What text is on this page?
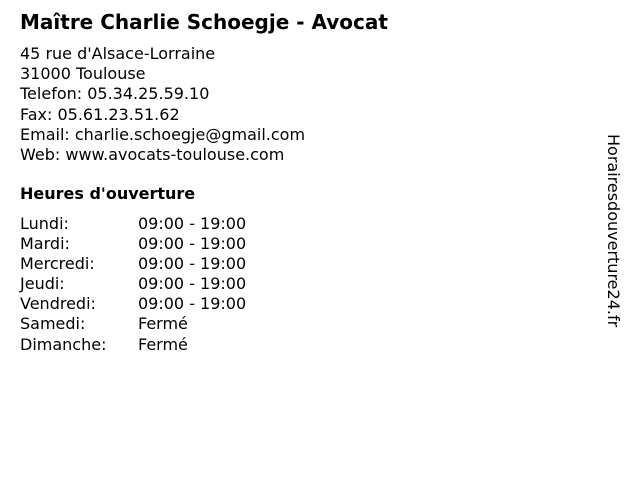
Maître Charlie Schoegje - Avocat
45 rue d'Alsace-Lorraine
31000 Toulouse
Telefon: 05.34.25.59.10
Fax: 05.61.23.51.62
Email: charlie.schoegje@gmail.com
Web: www.avocats-toulouse.com
Heures d'ouverture
Lundi:	09:00 - 19:00
Mardi:	09:00 - 19:00
Mercredi:	09:00 - 19:00
Jeudi:	09:00 - 19:00
Vendredi:	09:00 - 19:00
Samedi:	Fermé
Dimanche: Fermé
Horairesdouverture24.fr
